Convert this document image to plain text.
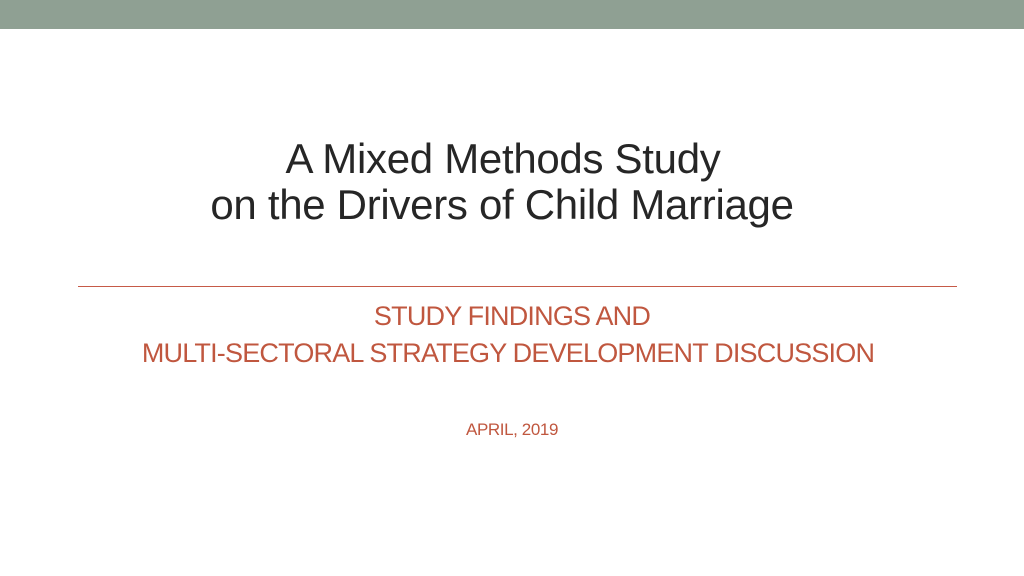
A Mixed Methods Study
on the Drivers of Child Marriage
STUDY FINDINGS AND
MULTI-SECTORAL STRATEGY DEVELOPMENT DISCUSSION
APRIL, 2019
